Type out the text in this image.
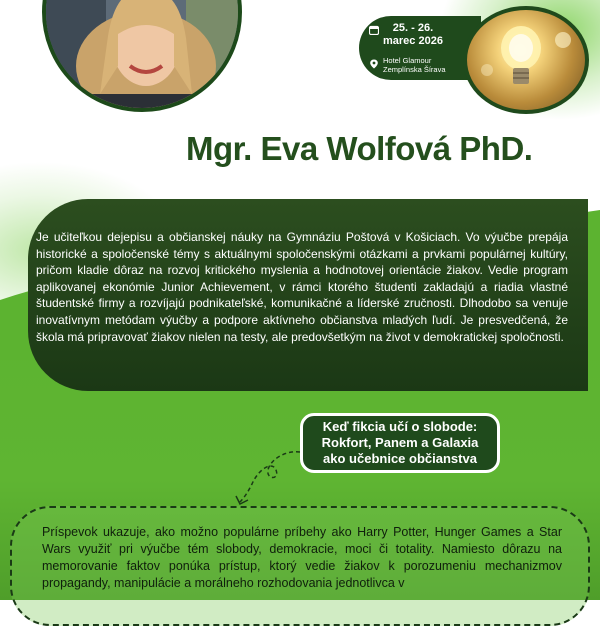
25. - 26.
marec 2026
Hotel Glamour
Zemplínska Šírava
Mgr. Eva Wolfová PhD.

Je učiteľkou dejepisu a občianskej náuky na Gymnáziu Poštová v Košiciach. Vo výučbe prepája historické a spoločenské témy s aktuálnymi spoločenskými otázkami a prvkami populárnej kultúry, pričom kladie dôraz na rozvoj kritického myslenia a hodnotovej orientácie žiakov. Vedie program aplikovanej ekonómie Junior Achievement, v rámci ktorého študenti zakladajú a riadia vlastné študentské firmy a rozvíjajú podnikateľské, komunikačné a líderské zručnosti. Dlhodobo sa venuje inovatívnym metódam výučby a podpore aktívneho občianstva mladých ľudí. Je presvedčená, že škola má pripravovať žiakov nielen na testy, ale predovšetkým na život v demokratickej spoločnosti.

Keď fikcia učí o slobode:
Rokfort, Panem a Galaxia
ako učebnice občianstva

Príspevok ukazuje, ako možno populárne príbehy ako Harry Potter, Hunger Games a Star Wars využiť pri výučbe tém slobody, demokracie, moci či totality. Namiesto dôrazu na memorovanie faktov ponúka prístup, ktorý vedie žiakov k porozumeniu mechanizmov propagandy, manipulácie a morálneho rozhodovania jednotlivca v
